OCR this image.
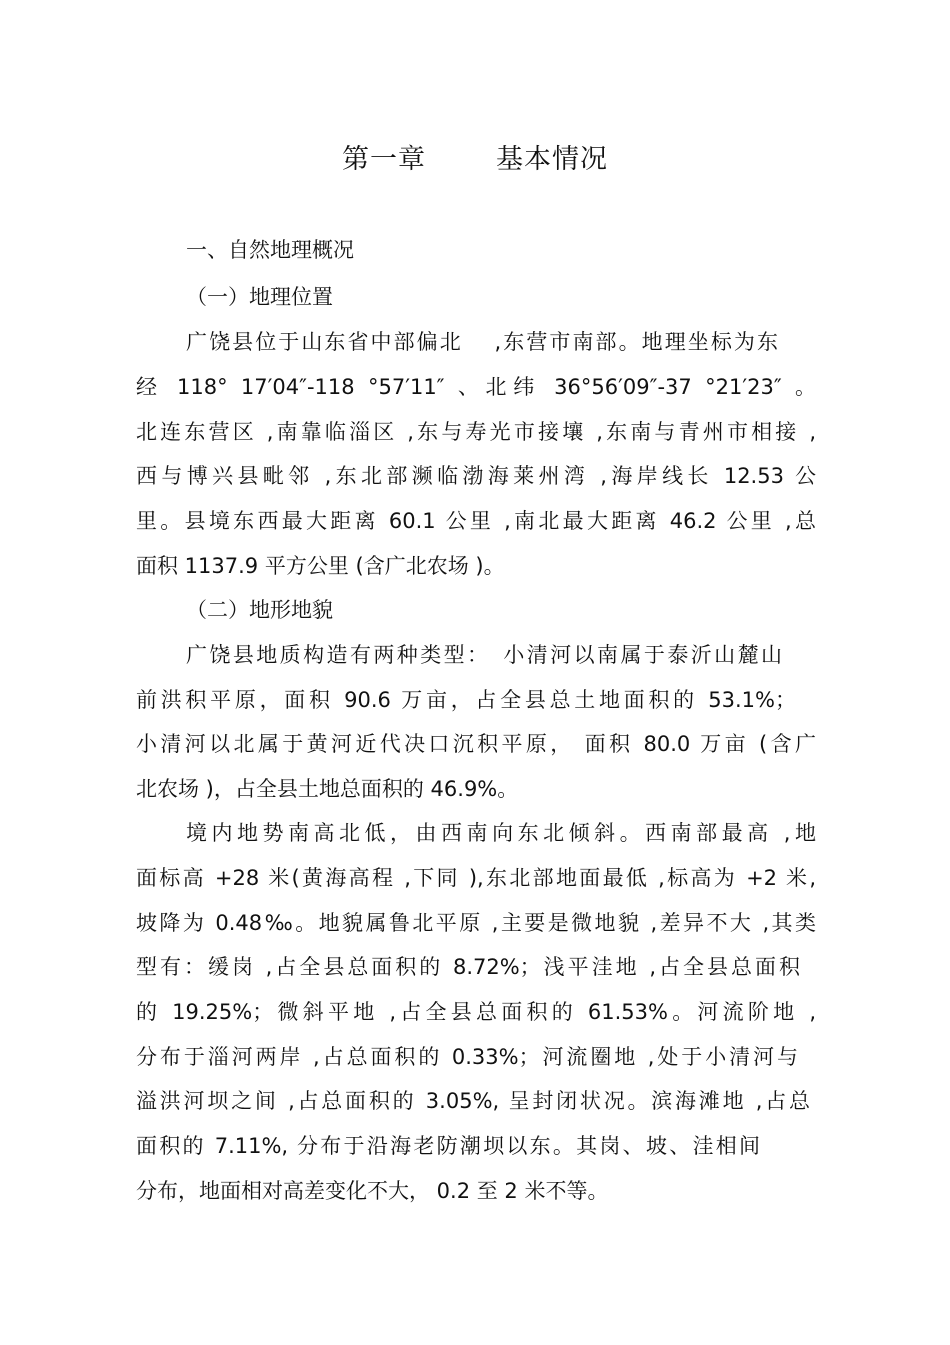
第一章	基本情况
一、自然地理概况
（一）地理位置
广饶县位于山东省中部偏北　 ,东营市南部。地理坐标为东
经 118° 17′04″-118 °57′11″ 、北纬 36°56′09″-37 °21′23″ 。
北连东营区 ,南靠临淄区 ,东与寿光市接壤 ,东南与青州市相接 ,
西与博兴县毗邻 ,东北部濒临渤海莱州湾 ,海岸线长 12.53 公
里。县境东西最大距离 60.1 公里 ,南北最大距离 46.2 公里 ,总
面积 1137.9 平方公里 (含广北农场 )。
（二）地形地貌
广饶县地质构造有两种类型：　小清河以南属于泰沂山麓山
前洪积平原，面积 90.6 万亩，占全县总土地面积的 53.1%；
小清河以北属于黄河近代决口沉积平原， 面积 80.0 万亩 (含广
北农场 )，占全县土地总面积的 46.9%。
境内地势南高北低，由西南向东北倾斜。西南部最高 ,地
面标高 +28 米(黄海高程 ,下同 ),东北部地面最低 ,标高为 +2 米,
坡降为 0.48‰。地貌属鲁北平原 ,主要是微地貌 ,差异不大 ,其类
型有：缓岗 ,占全县总面积的 8.72%；浅平洼地 ,占全县总面积
的 19.25%；微斜平地 ,占全县总面积的 61.53%。河流阶地 ,
分布于淄河两岸 ,占总面积的 0.33%；河流圈地 ,处于小清河与
溢洪河坝之间 ,占总面积的 3.05%, 呈封闭状况。滨海滩地 ,占总
面积的 7.11%, 分布于沿海老防潮坝以东。其岗、坡、洼相间
分布，地面相对高差变化不大， 0.2 至 2 米不等。
